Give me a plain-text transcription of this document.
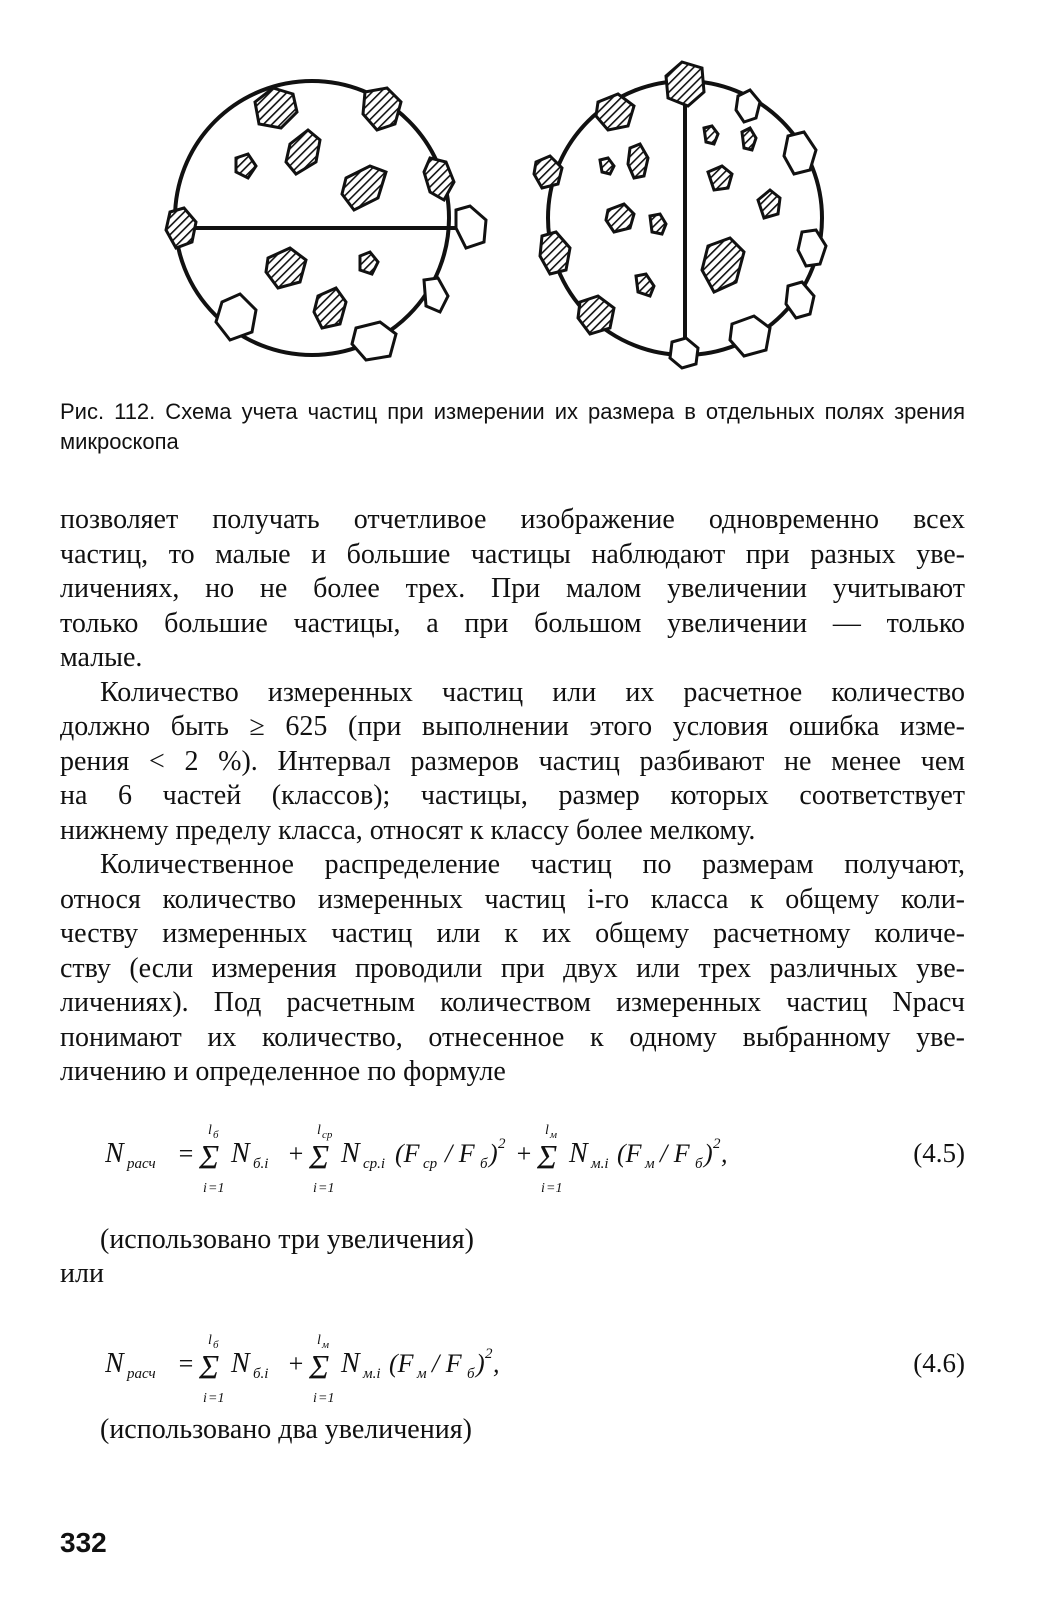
Рис. 112. Схема учета частиц при измерении их размера в отдельных полях зрения микроскопа

позволяет получать отчетливое изображение одновременно всех
частиц, то малые и большие частицы наблюдают при разных уве-
личениях, но не более трех. При малом увеличении учитывают
только большие частицы, а при большом увеличении — только
малые.

Количество измеренных частиц или их расчетное количество
должно быть ≥ 625 (при выполнении этого условия ошибка изме-
рения < 2 %). Интервал размеров частиц разбивают не менее чем
на 6 частей (классов); частицы, размер которых соответствует
нижнему пределу класса, относят к классу более мелкому.

Количественное распределение частиц по размерам получают,
относя количество измеренных частиц i-го класса к общему коли-
честву измеренных частиц или к их общему расчетному количе-
ству (если измерения проводили при двух или трех различных уве-
личениях). Под расчетным количеством измеренных частиц Nрасч
понимают их количество, отнесенное к одному выбранному уве-
личению и определенное по формуле

N расч = Σ
l б
i =1
N б.i + Σ
l ср
i =1
N ср.i (F ср / F б ) 2 + Σ
l м
i =1
N м.i (F м / F б ) 2 ,	(4.5)
(использовано три увеличения)
или
N расч = Σ
l б
i =1
N б.i + Σ
l м
i =1
N м.i (F м / F б ) 2 ,	(4.6)
(использовано два увеличения)
332
